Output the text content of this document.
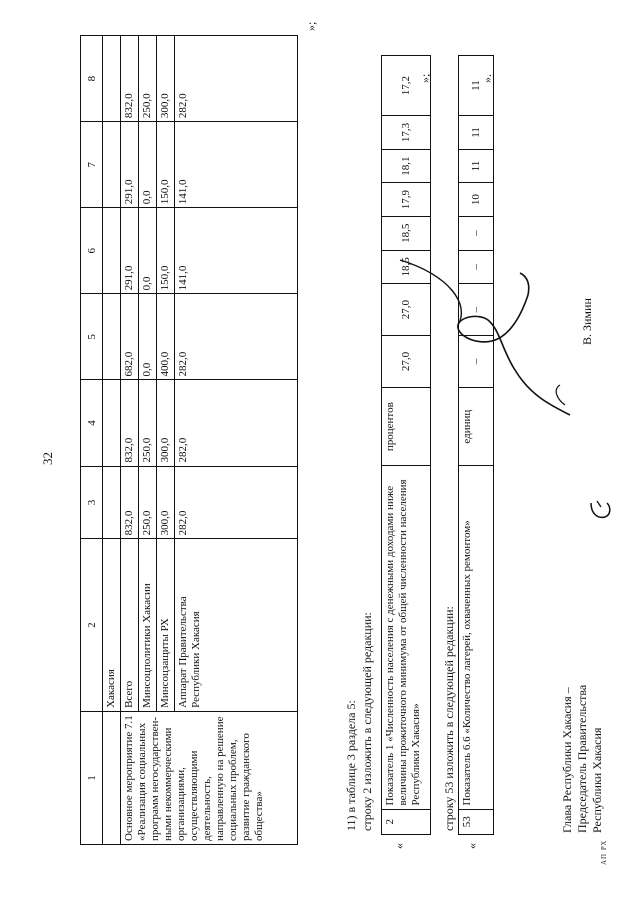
32
1	2	3	4	5	6	7	8
	Хакасия						
Основное мероприятие 7.1 «Реализация социальных программ негосударствен-ными некоммерческими организациями, осуществляющими деятельность, направленную на решение социальных проблем, развитие гражданского общества»	Всего	832,0	832,0	682,0	291,0	291,0	832,0
	Минсоцполитики Хакасии	250,0	250,0	0,0	0,0	0,0	250,0
	Минсоцзащиты РХ	300,0	300,0	400,0	150,0	150,0	300,0
	Аппарат Правительства Республики Хакасия	282,0	282,0	282,0	141,0	141,0	282,0
»;
11) в таблице 3 раздела 5: строку 2 изложить в следующей редакции:
«
2	Показатель 1 «Численность населения с денежными доходами ниже величины прожиточного минимума от общей численности населения Республики Хакасия»	процентов	27,0	27,0	18,5	18,5	17,9	18,1	17,3	17,2 »;
строку 53 изложить в следующей редакции:
«
53	Показатель 6.6 «Количество лагерей, охваченных ремонтом»	единиц	–	–	–	–	10	11	11	11
».
Глава Республики Хакасия – Председатель Правительства Республики Хакасия
В. Зимин
АП РХ
